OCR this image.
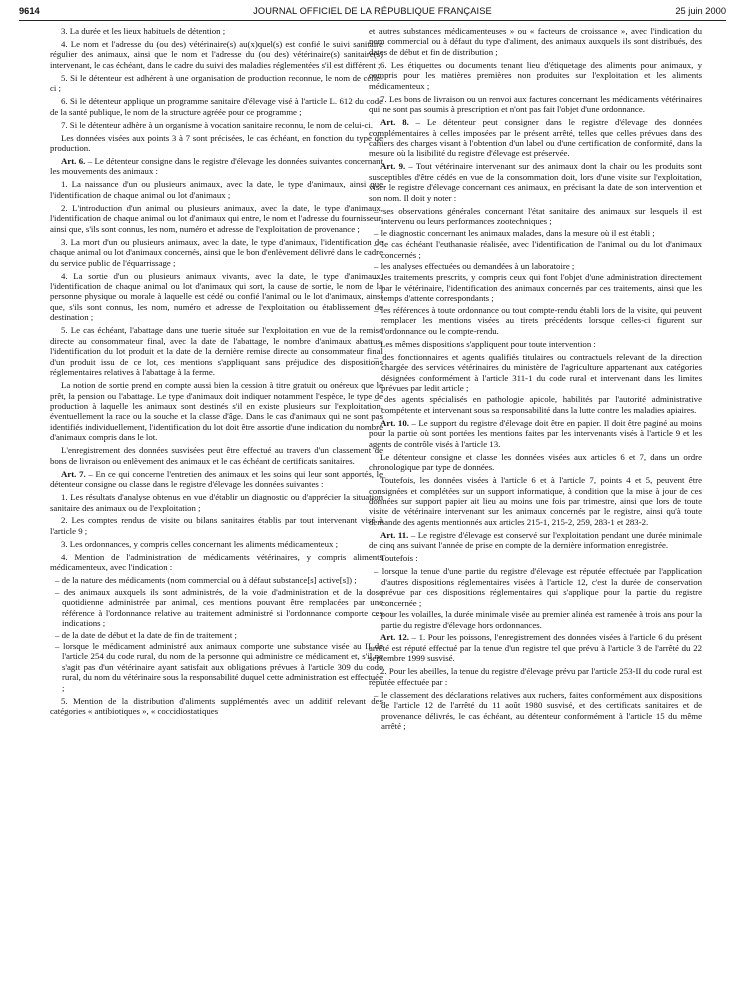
9614	JOURNAL OFFICIEL DE LA RÉPUBLIQUE FRANÇAISE	25 juin 2000

3. La durée et les lieux habituels de détention ;

4. Le nom et l'adresse du (ou des) vétérinaire(s) au(x)quel(s) est confié le suivi sanitaire régulier des animaux, ainsi que le nom et l'adresse du (ou des) vétérinaire(s) sanitaire(s) intervenant, le cas échéant, dans le cadre du suivi des maladies réglementées s'il est différent ;

5. Si le détenteur est adhérent à une organisation de production reconnue, le nom de celle-ci ;

6. Si le détenteur applique un programme sanitaire d'élevage visé à l'article L. 612 du code de la santé publique, le nom de la structure agréée pour ce programme ;

7. Si le détenteur adhère à un organisme à vocation sanitaire reconnu, le nom de celui-ci.

Les données visées aux points 3 à 7 sont précisées, le cas échéant, en fonction du type de production.

Art. 6. – Le détenteur consigne dans le registre d'élevage les données suivantes concernant les mouvements des animaux :

1. La naissance d'un ou plusieurs animaux, avec la date, le type d'animaux, ainsi que l'identification de chaque animal ou lot d'animaux ;

2. L'introduction d'un animal ou plusieurs animaux, avec la date, le type d'animaux, l'identification de chaque animal ou lot d'animaux qui entre, le nom et l'adresse du fournisseur, ainsi que, s'ils sont connus, les nom, numéro et adresse de l'exploitation de provenance ;

3. La mort d'un ou plusieurs animaux, avec la date, le type d'animaux, l'identification de chaque animal ou lot d'animaux concernés, ainsi que le bon d'enlèvement délivré dans le cadre du service public de l'équarrissage ;

4. La sortie d'un ou plusieurs animaux vivants, avec la date, le type d'animaux, l'identification de chaque animal ou lot d'animaux qui sort, la cause de sortie, le nom de la personne physique ou morale à laquelle est cédé ou confié l'animal ou le lot d'animaux, ainsi que, s'ils sont connus, les nom, numéro et adresse de l'exploitation ou établissement de destination ;

5. Le cas échéant, l'abattage dans une tuerie située sur l'exploitation en vue de la remise directe au consommateur final, avec la date de l'abattage, le nombre d'animaux abattus, l'identification du lot produit et la date de la dernière remise directe au consommateur final d'un produit issu de ce lot, ces mentions s'appliquant sans préjudice des dispositions réglementaires relatives à l'abattage à la ferme.

La notion de sortie prend en compte aussi bien la cession à titre gratuit ou onéreux que le prêt, la pension ou l'abattage. Le type d'animaux doit indiquer notamment l'espèce, le type de production à laquelle les animaux sont destinés s'il en existe plusieurs sur l'exploitation, éventuellement la race ou la souche et la classe d'âge. Dans le cas d'animaux qui ne sont pas identifiés individuellement, l'identification du lot doit être assortie d'une indication du nombre d'animaux compris dans le lot.

L'enregistrement des données susvisées peut être effectué au travers d'un classement de bons de livraison ou enlèvement des animaux et le cas échéant de certificats sanitaires.

Art. 7. – En ce qui concerne l'entretien des animaux et les soins qui leur sont apportés, le détenteur consigne ou classe dans le registre d'élevage les données suivantes :

1. Les résultats d'analyse obtenus en vue d'établir un diagnostic ou d'apprécier la situation sanitaire des animaux ou de l'exploitation ;

2. Les comptes rendus de visite ou bilans sanitaires établis par tout intervenant visé à l'article 9 ;

3. Les ordonnances, y compris celles concernant les aliments médicamenteux ;

4. Mention de l'administration de médicaments vétérinaires, y compris aliments médicamenteux, avec l'indication :

– de la nature des médicaments (nom commercial ou à défaut substance[s] active[s]) ;
– des animaux auxquels ils sont administrés, de la voie d'administration et de la dose quotidienne administrée par animal, ces mentions pouvant être remplacées par une référence à l'ordonnance relative au traitement administré si l'ordonnance comporte ces indications ;
– de la date de début et la date de fin de traitement ;
– lorsque le médicament administré aux animaux comporte une substance visée au II de l'article 254 du code rural, du nom de la personne qui administre ce médicament et, s'il ne s'agit pas d'un vétérinaire ayant satisfait aux obligations prévues à l'article 309 du code rural, du nom du vétérinaire sous la responsabilité duquel cette administration est effectuée ;

5. Mention de la distribution d'aliments supplémentés avec un additif relevant des catégories « antibiotiques », « coccidiostatiques

et autres substances médicamenteuses » ou « facteurs de croissance », avec l'indication du nom commercial ou à défaut du type d'aliment, des animaux auxquels ils sont distribués, des dates de début et fin de distribution ;

6. Les étiquettes ou documents tenant lieu d'étiquetage des aliments pour animaux, y compris pour les matières premières non produites sur l'exploitation et les aliments médicamenteux ;

7. Les bons de livraison ou un renvoi aux factures concernant les médicaments vétérinaires qui ne sont pas soumis à prescription et n'ont pas fait l'objet d'une ordonnance.

Art. 8. – Le détenteur peut consigner dans le registre d'élevage des données complémentaires à celles imposées par le présent arrêté, telles que celles prévues dans des cahiers des charges visant à l'obtention d'un label ou d'une certification de conformité, dans la mesure où la lisibilité du registre d'élevage est préservée.

Art. 9. – Tout vétérinaire intervenant sur des animaux dont la chair ou les produits sont susceptibles d'être cédés en vue de la consommation doit, lors d'une visite sur l'exploitation, viser le registre d'élevage concernant ces animaux, en précisant la date de son intervention et son nom. Il doit y noter :

– ses observations générales concernant l'état sanitaire des animaux sur lesquels il est intervenu ou leurs performances zootechniques ;
– le diagnostic concernant les animaux malades, dans la mesure où il est établi ;
– le cas échéant l'euthanasie réalisée, avec l'identification de l'animal ou du lot d'animaux concernés ;
– les analyses effectuées ou demandées à un laboratoire ;
– les traitements prescrits, y compris ceux qui font l'objet d'une administration directement par le vétérinaire, l'identification des animaux concernés par ces traitements, ainsi que les temps d'attente correspondants ;
– les références à toute ordonnance ou tout compte-rendu établi lors de la visite, qui peuvent remplacer les mentions visées au tirets précédents lorsque celles-ci figurent sur l'ordonnance ou le compte-rendu.

Les mêmes dispositions s'appliquent pour toute intervention :

– des fonctionnaires et agents qualifiés titulaires ou contractuels relevant de la direction chargée des services vétérinaires du ministère de l'agriculture appartenant aux catégories désignées conformément à l'article 311-1 du code rural et intervenant dans les limites prévues par ledit article ;
– des agents spécialisés en pathologie apicole, habilités par l'autorité administrative compétente et intervenant sous sa responsabilité dans la lutte contre les maladies apiaires.

Art. 10. – Le support du registre d'élevage doit être en papier. Il doit être paginé au moins pour la partie où sont portées les mentions faites par les intervenants visés à l'article 9 et les agents de contrôle visés à l'article 13.

Le détenteur consigne et classe les données visées aux articles 6 et 7, dans un ordre chronologique par type de données.

Toutefois, les données visées à l'article 6 et à l'article 7, points 4 et 5, peuvent être consignées et complétées sur un support informatique, à condition que la mise à jour de ces données sur support papier ait lieu au moins une fois par trimestre, ainsi que lors de toute visite de vétérinaire intervenant sur les animaux concernés par le registre, ainsi qu'à toute demande des agents mentionnés aux articles 215-1, 215-2, 259, 283-1 et 283-2.

Art. 11. – Le registre d'élevage est conservé sur l'exploitation pendant une durée minimale de cinq ans suivant l'année de prise en compte de la dernière information enregistrée.

Toutefois :

– lorsque la tenue d'une partie du registre d'élevage est réputée effectuée par l'application d'autres dispositions réglementaires visées à l'article 12, c'est la durée de conservation prévue par ces dispositions réglementaires qui s'applique pour la partie du registre concernée ;
– pour les volailles, la durée minimale visée au premier alinéa est ramenée à trois ans pour la partie du registre d'élevage hors ordonnances.

Art. 12. – 1. Pour les poissons, l'enregistrement des données visées à l'article 6 du présent arrêté est réputé effectué par la tenue d'un registre tel que prévu à l'article 3 de l'arrêté du 22 septembre 1999 susvisé.

2. Pour les abeilles, la tenue du registre d'élevage prévu par l'article 253-II du code rural est réputée effectuée par :

– le classement des déclarations relatives aux ruchers, faites conformément aux dispositions de l'article 12 de l'arrêté du 11 août 1980 susvisé, et des certificats sanitaires et de provenance délivrés, le cas échéant, au détenteur conformément à l'article 15 du même arrêté ;
